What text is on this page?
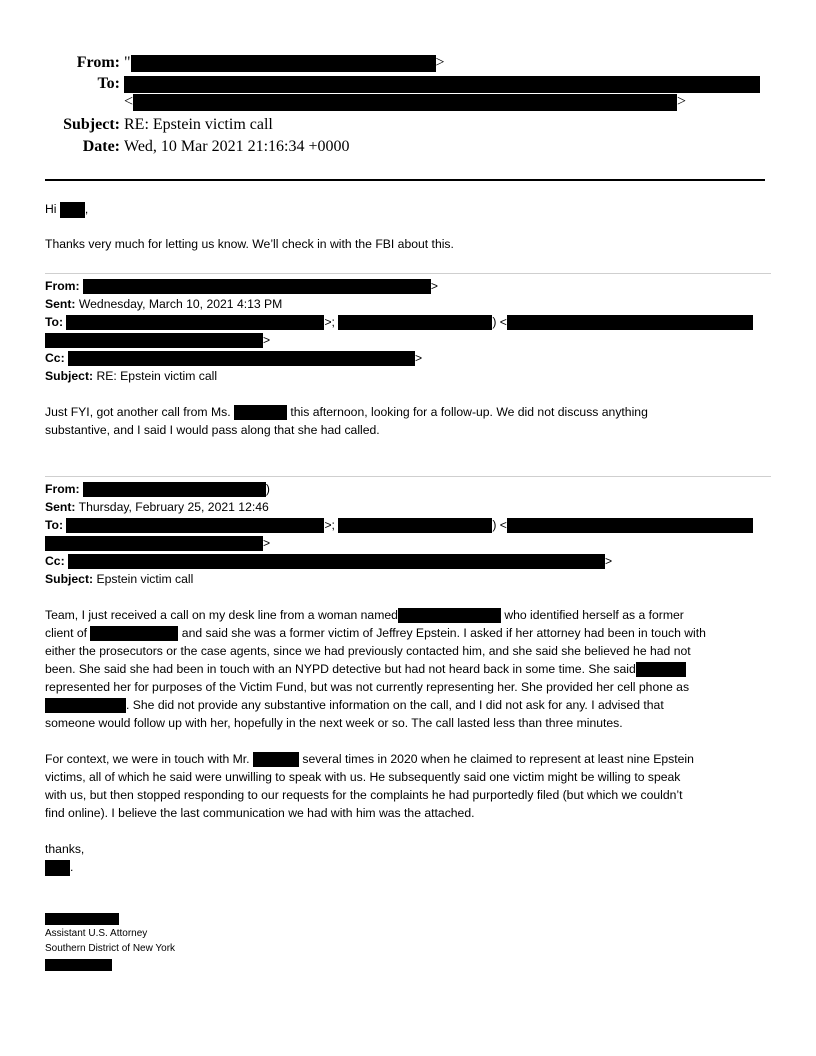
From: "	>
To:
<	>
Subject: RE: Epstein victim call
Date: Wed, 10 Mar 2021 21:16:34 +0000
Hi ,
Thanks very much for letting us know. We’ll check in with the FBI about this.
From:	>
Sent: Wednesday, March 10, 2021 4:13 PM
To:	>;	) <
>
Cc:	>
Subject: RE: Epstein victim call
Just FYI, got another call from Ms.	this afternoon, looking for a follow-up. We did not discuss anything
substantive, and I said I would pass along that she had called.
From:	)
Sent: Thursday, February 25, 2021 12:46
To:	>;	) <
>
Cc:	>
Subject: Epstein victim call
Team, I just received a call on my desk line from a woman named	who identified herself as a former
client of	and said she was a former victim of Jeffrey Epstein. I asked if her attorney had been in touch with
either the prosecutors or the case agents, since we had previously contacted him, and she said she believed he had not
been. She said she had been in touch with an NYPD detective but had not heard back in some time. She said
represented her for purposes of the Victim Fund, but was not currently representing her. She provided her cell phone as
. She did not provide any substantive information on the call, and I did not ask for any. I advised that
someone would follow up with her, hopefully in the next week or so. The call lasted less than three minutes.
For context, we were in touch with Mr.	several times in 2020 when he claimed to represent at least nine Epstein
victims, all of which he said were unwilling to speak with us. He subsequently said one victim might be willing to speak
with us, but then stopped responding to our requests for the complaints he had purportedly filed (but which we couldn’t
find online). I believe the last communication we had with him was the attached.
thanks,
.
Assistant U.S. Attorney
Southern District of New York
